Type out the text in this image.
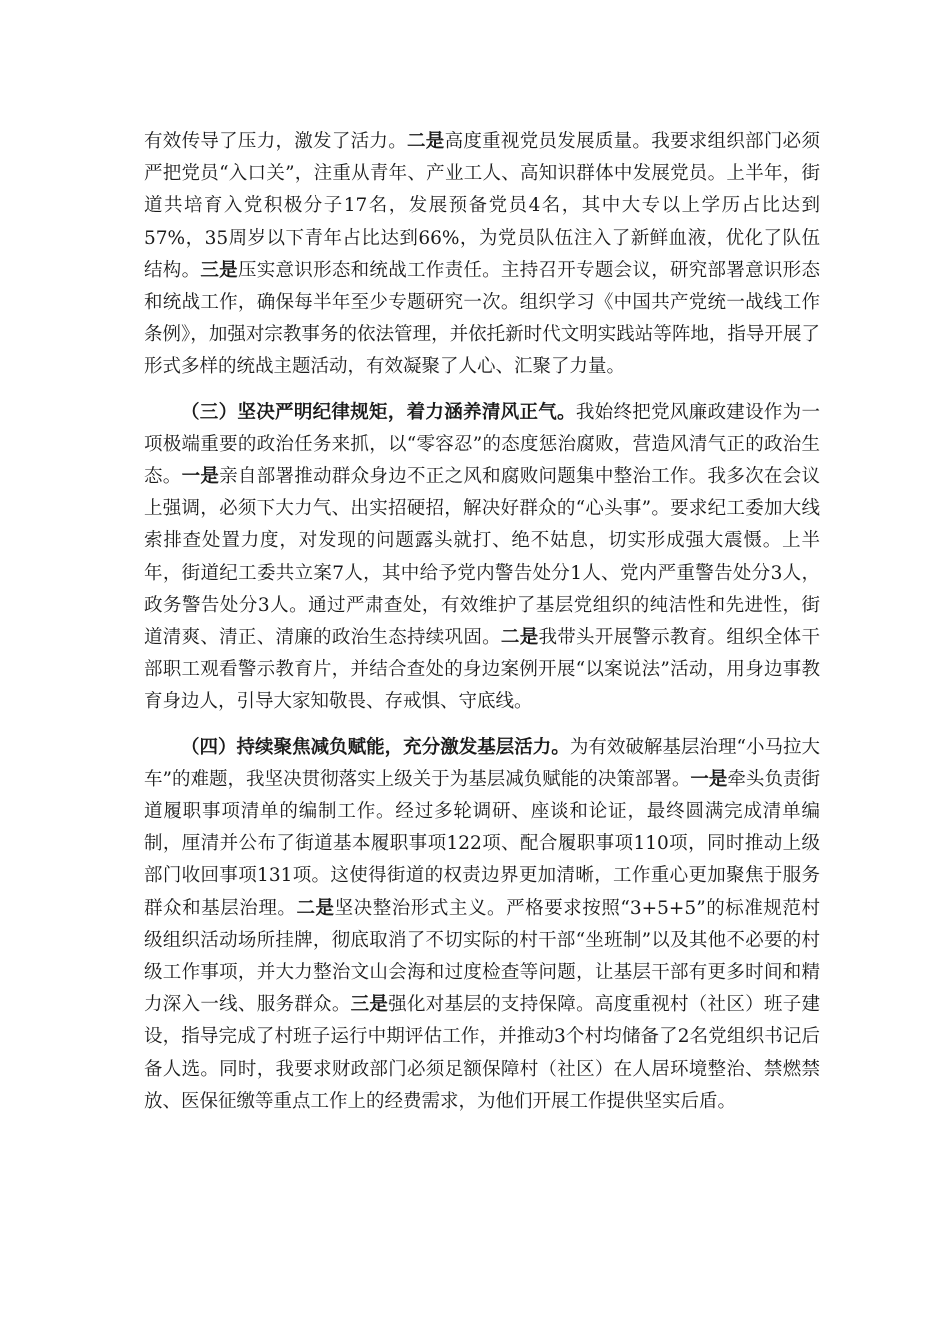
有效传导了压力，激发了活力。二是高度重视党员发展质量。我要求组织部门必须严把党员“入口关”，注重从青年、产业工人、高知识群体中发展党员。上半年，街道共培育入党积极分子17名，发展预备党员4名，其中大专以上学历占比达到57%，35周岁以下青年占比达到66%，为党员队伍注入了新鲜血液，优化了队伍结构。三是压实意识形态和统战工作责任。主持召开专题会议，研究部署意识形态和统战工作，确保每半年至少专题研究一次。组织学习《中国共产党统一战线工作条例》，加强对宗教事务的依法管理，并依托新时代文明实践站等阵地，指导开展了形式多样的统战主题活动，有效凝聚了人心、汇聚了力量。

（三）坚决严明纪律规矩，着力涵养清风正气。我始终把党风廉政建设作为一项极端重要的政治任务来抓，以“零容忍”的态度惩治腐败，营造风清气正的政治生态。一是亲自部署推动群众身边不正之风和腐败问题集中整治工作。我多次在会议上强调，必须下大力气、出实招硬招，解决好群众的“心头事”。要求纪工委加大线索排查处置力度，对发现的问题露头就打、绝不姑息，切实形成强大震慑。上半年，街道纪工委共立案7人，其中给予党内警告处分1人、党内严重警告处分3人，政务警告处分3人。通过严肃查处，有效维护了基层党组织的纯洁性和先进性，街道清爽、清正、清廉的政治生态持续巩固。二是我带头开展警示教育。组织全体干部职工观看警示教育片，并结合查处的身边案例开展“以案说法”活动，用身边事教育身边人，引导大家知敬畏、存戒惧、守底线。

（四）持续聚焦减负赋能，充分激发基层活力。为有效破解基层治理“小马拉大车”的难题，我坚决贯彻落实上级关于为基层减负赋能的决策部署。一是牵头负责街道履职事项清单的编制工作。经过多轮调研、座谈和论证，最终圆满完成清单编制，厘清并公布了街道基本履职事项122项、配合履职事项110项，同时推动上级部门收回事项131项。这使得街道的权责边界更加清晰，工作重心更加聚焦于服务群众和基层治理。二是坚决整治形式主义。严格要求按照“3+5+5”的标准规范村级组织活动场所挂牌，彻底取消了不切实际的村干部“坐班制”以及其他不必要的村级工作事项，并大力整治文山会海和过度检查等问题，让基层干部有更多时间和精力深入一线、服务群众。三是强化对基层的支持保障。高度重视村（社区）班子建设，指导完成了村班子运行中期评估工作，并推动3个村均储备了2名党组织书记后备人选。同时，我要求财政部门必须足额保障村（社区）在人居环境整治、禁燃禁放、医保征缴等重点工作上的经费需求，为他们开展工作提供坚实后盾。
